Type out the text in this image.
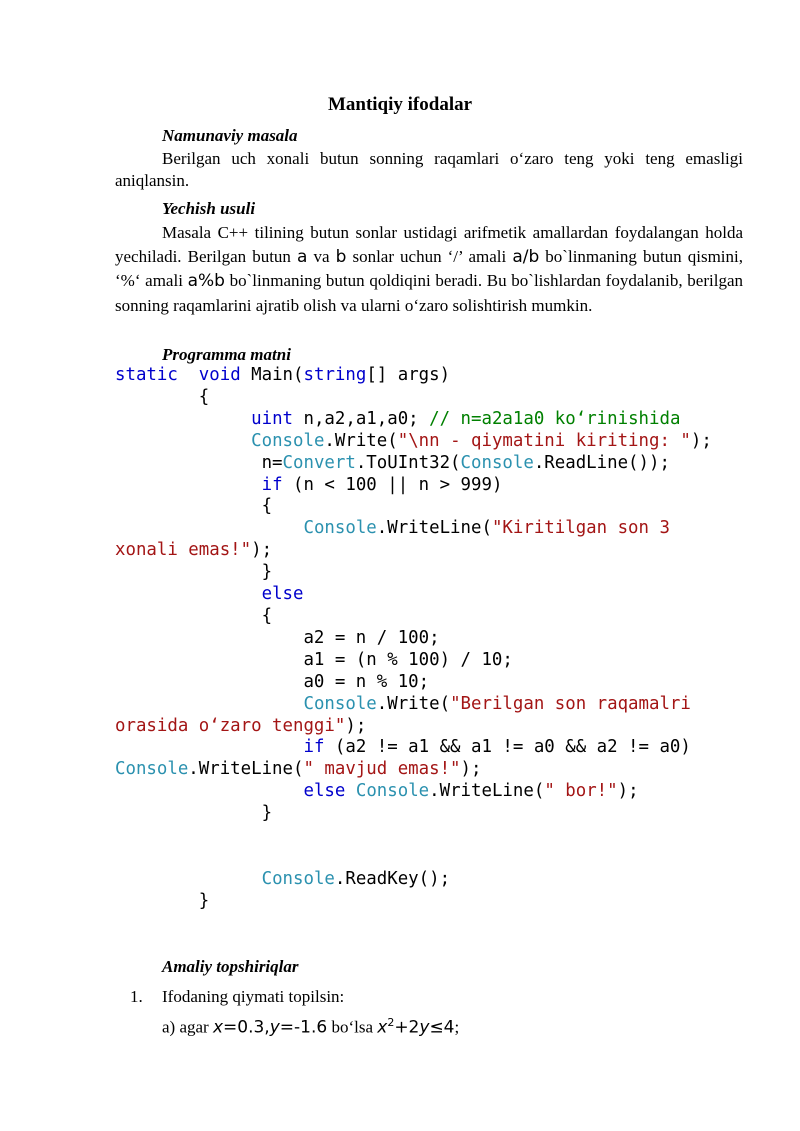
Mantiqiy ifodalar
Namunaviy masala
Berilgan uch xonali butun sonning raqamlari o‘zaro teng yoki teng emasligi aniqlansin.
Yechish usuli
Masala C++ tilining butun sonlar ustidagi arifmetik amallardan foydalangan holda yechiladi. Berilgan butun a va b sonlar uchun ‘/’ amali a/b bo`linmaning butun qismini, ‘%‘ amali a%b bo`linmaning butun qoldiqini beradi. Bu bo`lishlardan foydalanib, berilgan sonning raqamlarini ajratib olish va ularni o‘zaro solishtirish mumkin.
Programma matni
static void Main(string[] args)
{
uint n,a2,a1,a0; // n=a2a1a0 ko‘rinishida
Console.Write("\nn - qiymatini kiriting: ");
n=Convert.ToUInt32(Console.ReadLine());
if (n < 100 || n > 999)
{
Console.WriteLine("Kiritilgan son 3
xonali emas!");
}
else
{
a2 = n / 100;
a1 = (n % 100) / 10;
a0 = n % 10;
Console.Write("Berilgan son raqamalri
orasida o‘zaro tenggi");
if (a2 != a1 && a1 != a0 && a2 != a0)
Console.WriteLine(" mavjud emas!");
else Console.WriteLine(" bor!");
}
Console.ReadKey();
}
Amaliy topshiriqlar
1. Ifodaning qiymati topilsin:
a) agar x=0.3,y=-1.6 bo‘lsa $x^2+2y\le 4$;
